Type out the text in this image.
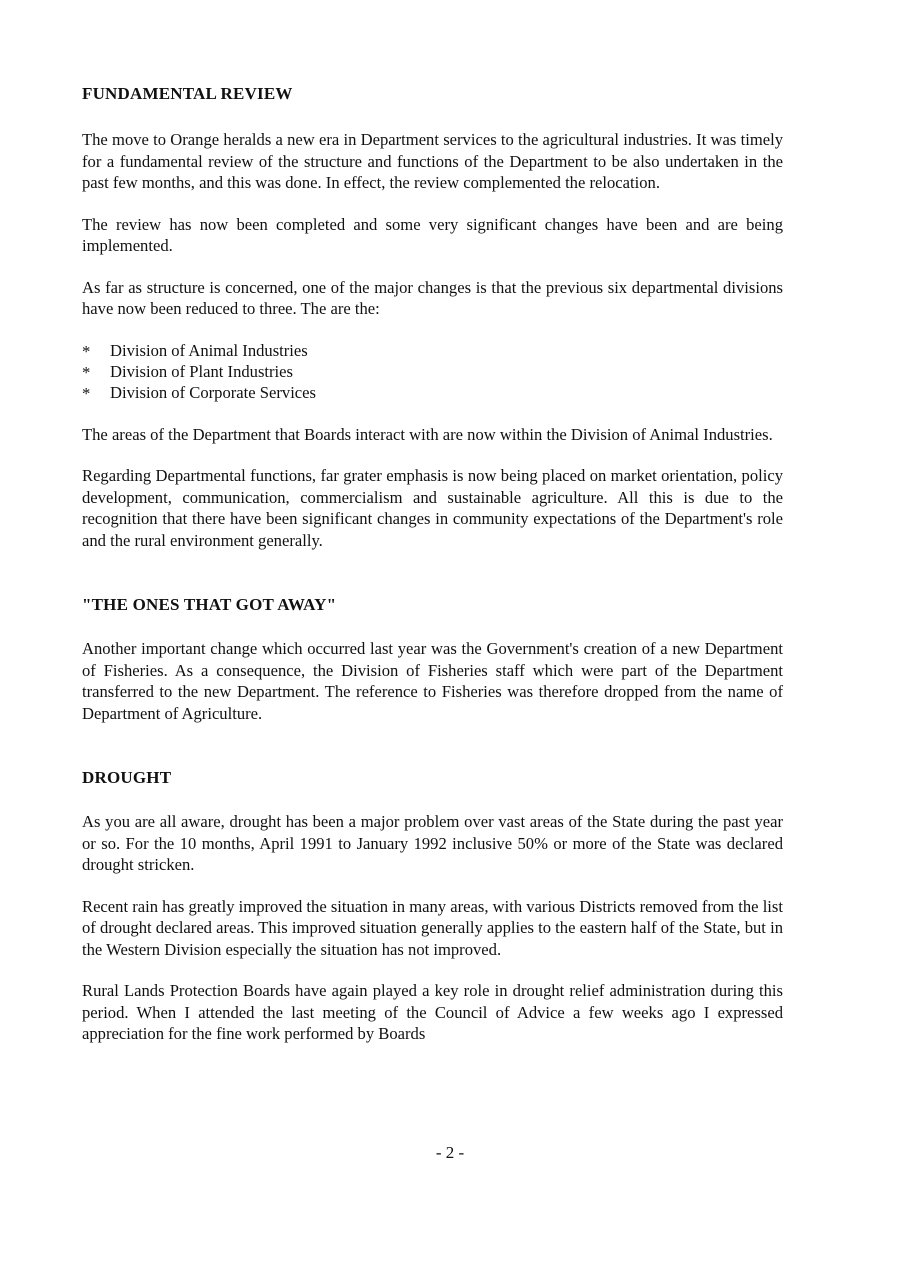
FUNDAMENTAL REVIEW

The move to Orange heralds a new era in Department services to the agricultural industries. It was timely for a fundamental review of the structure and functions of the Department to be also undertaken in the past few months, and this was done. In effect, the review complemented the relocation.

The review has now been completed and some very significant changes have been and are being implemented.

As far as structure is concerned, one of the major changes is that the previous six departmental divisions have now been reduced to three. The are the:

* Division of Animal Industries
* Division of Plant Industries
* Division of Corporate Services

The areas of the Department that Boards interact with are now within the Division of Animal Industries.

Regarding Departmental functions, far grater emphasis is now being placed on market orientation, policy development, communication, commercialism and sustainable agriculture. All this is due to the recognition that there have been significant changes in community expectations of the Department's role and the rural environment generally.

"THE ONES THAT GOT AWAY"

Another important change which occurred last year was the Government's creation of a new Department of Fisheries. As a consequence, the Division of Fisheries staff which were part of the Department transferred to the new Department. The reference to Fisheries was therefore dropped from the name of Department of Agriculture.

DROUGHT

As you are all aware, drought has been a major problem over vast areas of the State during the past year or so. For the 10 months, April 1991 to January 1992 inclusive 50% or more of the State was declared drought stricken.

Recent rain has greatly improved the situation in many areas, with various Districts removed from the list of drought declared areas. This improved situation generally applies to the eastern half of the State, but in the Western Division especially the situation has not improved.

Rural Lands Protection Boards have again played a key role in drought relief administration during this period. When I attended the last meeting of the Council of Advice a few weeks ago I expressed appreciation for the fine work performed by Boards

- 2 -
